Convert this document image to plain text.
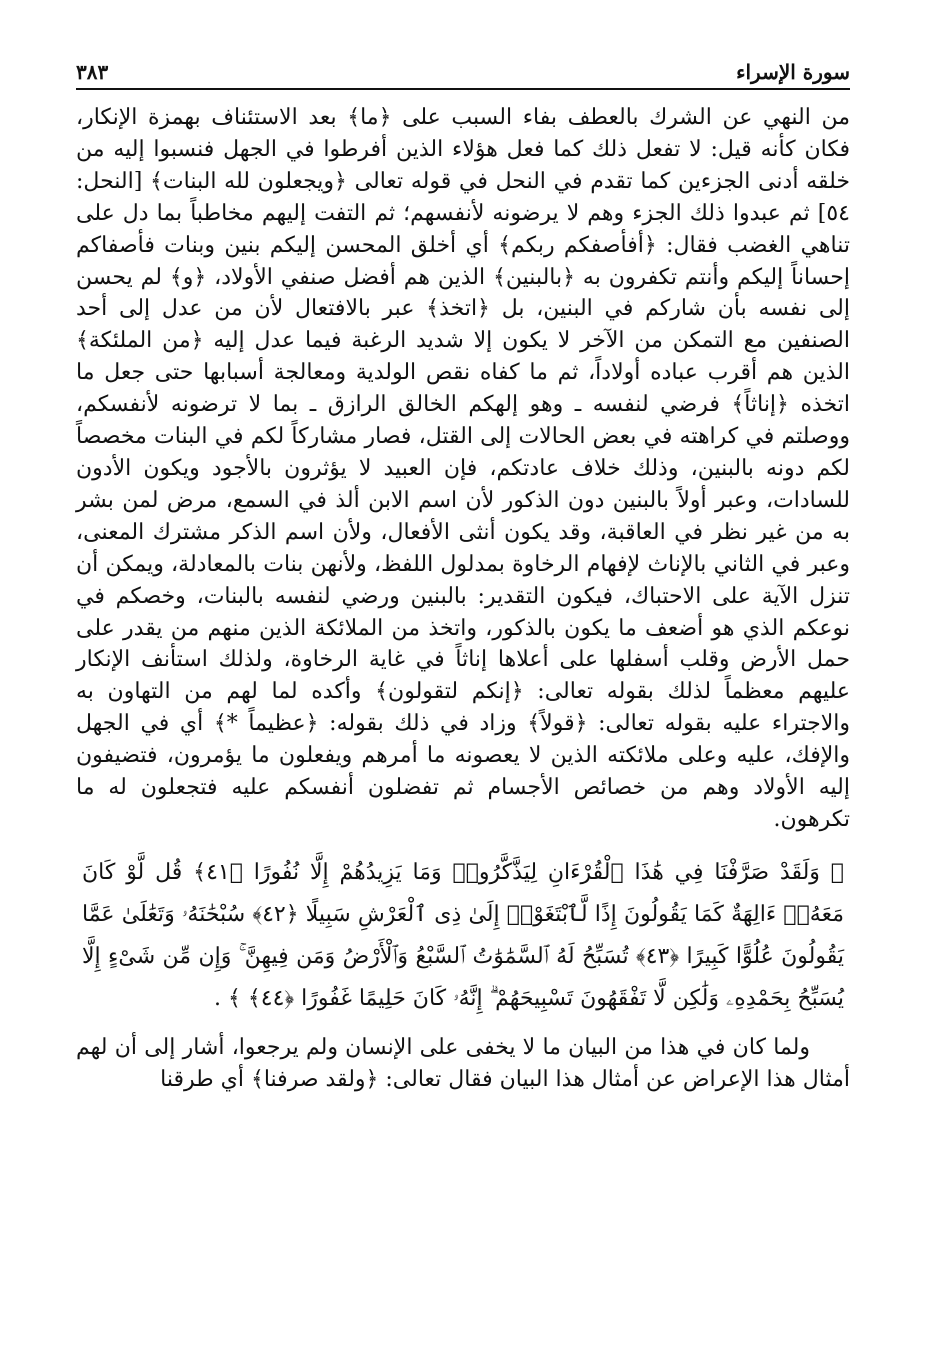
سورة الإسراء
٣٨٣

من النهي عن الشرك بالعطف بفاء السبب على ﴿ما﴾ بعد الاستئناف بهمزة الإنكار، فكان كأنه قيل: لا تفعل ذلك كما فعل هؤلاء الذين أفرطوا في الجهل فنسبوا إليه من خلقه أدنى الجزءين كما تقدم في النحل في قوله تعالى ﴿ويجعلون لله البنات﴾ [النحل: ٥٤] ثم عبدوا ذلك الجزء وهم لا يرضونه لأنفسهم؛ ثم التفت إليهم مخاطباً بما دل على تناهي الغضب فقال: ﴿أفأصفكم ربكم﴾ أي أخلق المحسن إليكم بنين وبنات فأصفاكم إحساناً إليكم وأنتم تكفرون به ﴿بالبنين﴾ الذين هم أفضل صنفي الأولاد، ﴿و﴾ لم يحسن إلى نفسه بأن شاركم في البنين، بل ﴿اتخذ﴾ عبر بالافتعال لأن من عدل إلى أحد الصنفين مع التمكن من الآخر لا يكون إلا شديد الرغبة فيما عدل إليه ﴿من الملئكة﴾ الذين هم أقرب عباده أولاداً، ثم ما كفاه نقص الولدية ومعالجة أسبابها حتى جعل ما اتخذه ﴿إناثاً﴾ فرضي لنفسه ـ وهو إلهكم الخالق الرازق ـ بما لا ترضونه لأنفسكم، ووصلتم في كراهته في بعض الحالات إلى القتل، فصار مشاركاً لكم في البنات مخصصاً لكم دونه بالبنين، وذلك خلاف عادتكم، فإن العبيد لا يؤثرون بالأجود ويكون الأدون للسادات، وعبر أولاً بالبنين دون الذكور لأن اسم الابن ألذ في السمع، مرض لمن بشر به من غير نظر في العاقبة، وقد يكون أنثى الأفعال، ولأن اسم الذكر مشترك المعنى، وعبر في الثاني بالإناث لإفهام الرخاوة بمدلول اللفظ، ولأنهن بنات بالمعادلة، ويمكن أن تنزل الآية على الاحتباك، فيكون التقدير: بالبنين ورضي لنفسه بالبنات، وخصكم في نوعكم الذي هو أضعف ما يكون بالذكور، واتخذ من الملائكة الذين منهم من يقدر على حمل الأرض وقلب أسفلها على أعلاها إناثاً في غاية الرخاوة، ولذلك استأنف الإنكار عليهم معظماً لذلك بقوله تعالى: ﴿إنكم لتقولون﴾ وأكده لما لهم من التهاون به والاجتراء عليه بقوله تعالى: ﴿قولاً﴾ وزاد في ذلك بقوله: ﴿عظيماً *﴾ أي في الجهل والإفك، عليه وعلى ملائكته الذين لا يعصونه ما أمرهم ويفعلون ما يؤمرون، فتضيفون إليه الأولاد وهم من خصائص الأجسام ثم تفضلون أنفسكم عليه فتجعلون له ما تكرهون.

﴿ وَلَقَدْ صَرَّفْنَا فِي هَٰذَا ٱلْقُرْءَانِ لِيَذَّكَّرُوا۟ وَمَا يَزِيدُهُمْ إِلَّا نُفُورًا ﴿٤١﴾ قُل لَّوْ كَانَ مَعَهُۥٓ ءَالِهَةٌ كَمَا يَقُولُونَ إِذًا لَّٱبْتَغَوْا۟ إِلَىٰ ذِى ٱلْعَرْشِ سَبِيلًا ﴿٤٢﴾ سُبْحَٰنَهُۥ وَتَعَٰلَىٰ عَمَّا يَقُولُونَ عُلُوًّا كَبِيرًا ﴿٤٣﴾ تُسَبِّحُ لَهُ ٱلسَّمَٰوَٰتُ ٱلسَّبْعُ وَٱلْأَرْضُ وَمَن فِيهِنَّ ۚ وَإِن مِّن شَىْءٍ إِلَّا يُسَبِّحُ بِحَمْدِهِۦ وَلَٰكِن لَّا تَفْقَهُونَ تَسْبِيحَهُمْ ۗ إِنَّهُۥ كَانَ حَلِيمًا غَفُورًا ﴿٤٤﴾ ﴾ .

ولما كان في هذا من البيان ما لا يخفى على الإنسان ولم يرجعوا، أشار إلى أن لهم أمثال هذا الإعراض عن أمثال هذا البيان فقال تعالى: ﴿ولقد صرفنا﴾ أي طرقنا
